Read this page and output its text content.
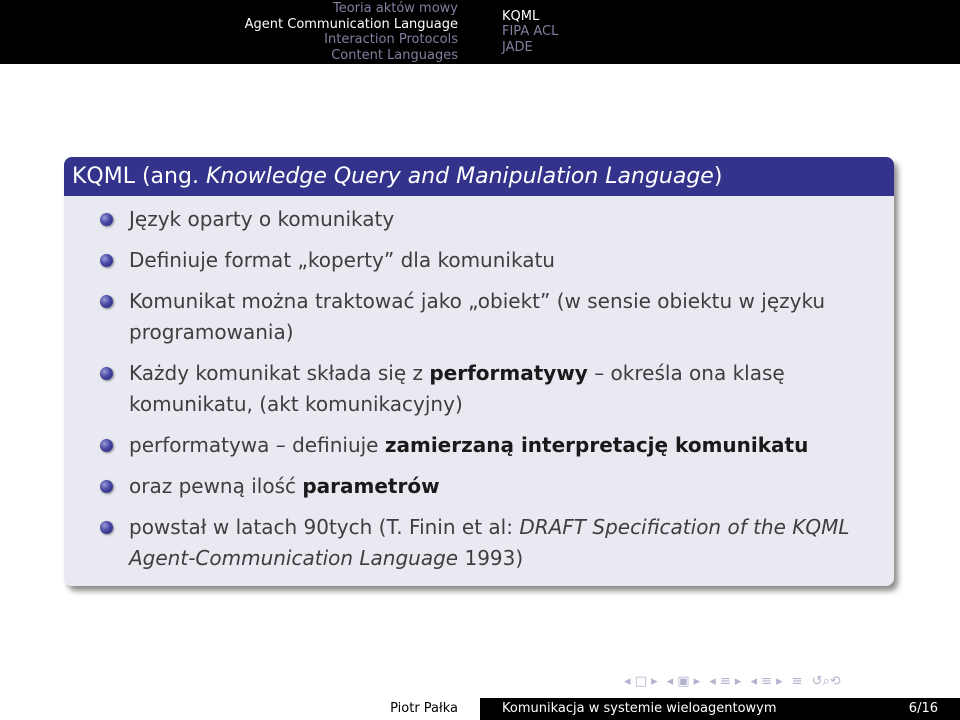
Teoria aktów mowy
Agent Communication Language
Interaction Protocols
Content Languages
KQML
FIPA ACL
JADE
KQML (ang. Knowledge Query and Manipulation Language)
Język oparty o komunikaty
Definiuje format „koperty” dla komunikatu
Komunikat można traktować jako „obiekt” (w sensie obiektu w języku programowania)
Każdy komunikat składa się z performatywy – określa ona klasę komunikatu, (akt komunikacyjny)
performatywa – definiuje zamierzaną interpretację komunikatu
oraz pewną ilość parametrów
powstał w latach 90tych (T. Finin et al: DRAFT Specification of the KQML Agent-Communication Language 1993)
◂ □ ▸ ◂ ▣ ▸ ◂ ≡ ▸ ◂ ≡ ▸ ≡ ↺⌕⟲
Piotr Pałka	Komunikacja w systemie wieloagentowym	6/16
